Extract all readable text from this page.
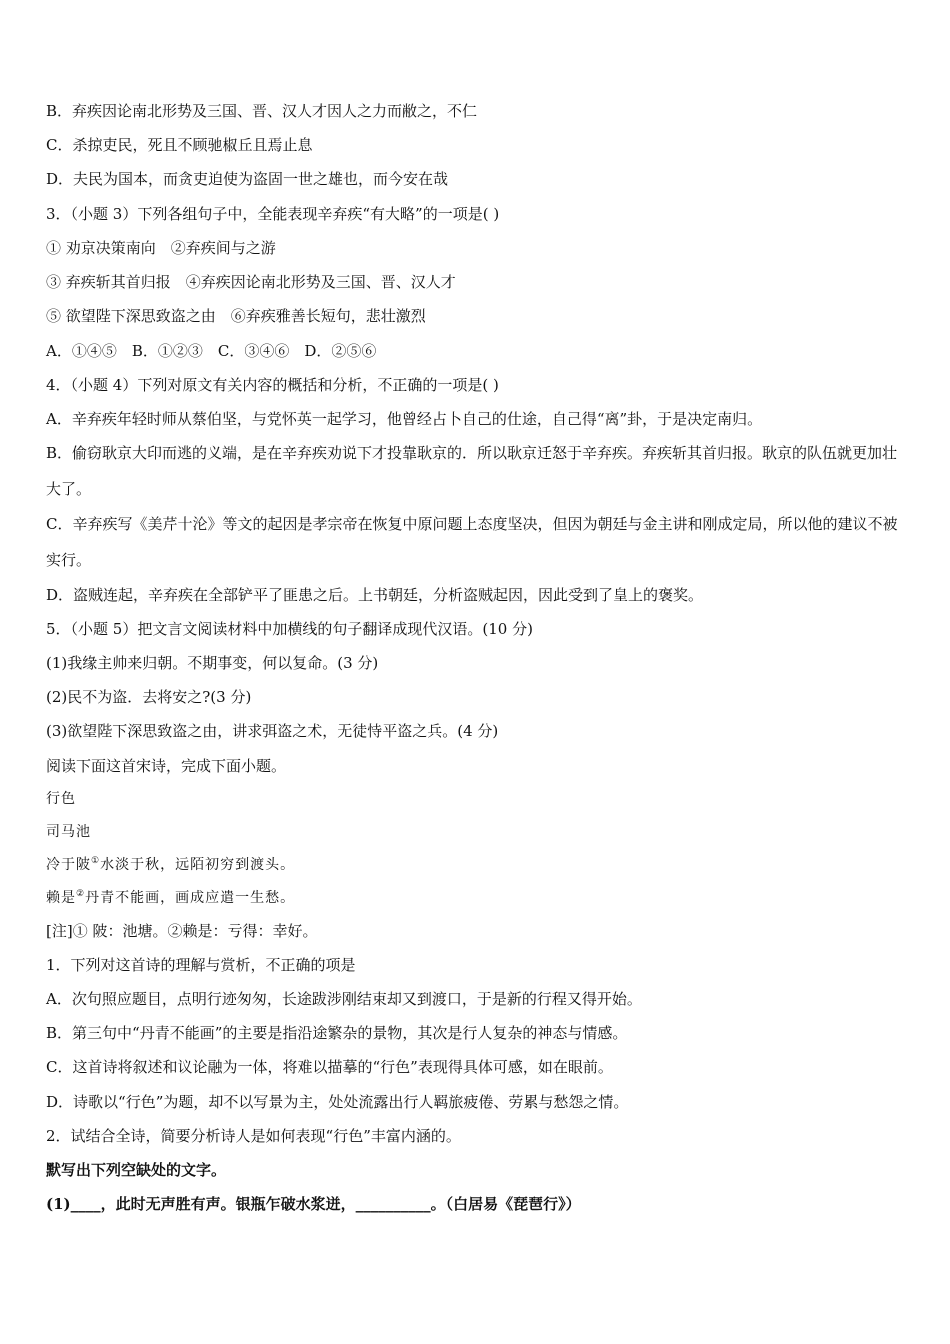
B．弃疾因论南北形势及三国、晋、汉人才因人之力而敝之，不仁
C．杀掠吏民，死且不顾驰椒丘且焉止息
D．夫民为国本，而贪吏迫使为盗固一世之雄也，而今安在哉
3．（小题 3）下列各组句子中，全能表现辛弃疾“有大略”的一项是( )
① 劝京决策南向　②弃疾间与之游
③ 弃疾斩其首归报　④弃疾因论南北形势及三国、晋、汉人才
⑤ 欲望陛下深思致盗之由　⑥弃疾雅善长短句，悲壮激烈
A．①④⑤　B．①②③　C．③④⑥　D．②⑤⑥
4．（小题 4）下列对原文有关内容的概括和分析，不正确的一项是( )
A．辛弃疾年轻时师从蔡伯坚，与党怀英一起学习，他曾经占卜自己的仕途，自己得“离”卦，于是决定南归。
B．偷窃耿京大印而逃的义端，是在辛弃疾劝说下才投靠耿京的．所以耿京迁怒于辛弃疾。弃疾斩其首归报。耿京的队伍就更加壮大了。
C．辛弃疾写《美芹十沦》等文的起因是孝宗帝在恢复中原问题上态度坚决，但因为朝廷与金主讲和刚成定局，所以他的建议不被实行。
D．盗贼连起，辛弃疾在全部铲平了匪患之后。上书朝廷，分析盗贼起因，因此受到了皇上的褒奖。
5．（小题 5）把文言文阅读材料中加横线的句子翻译成现代汉语。(10 分)
(1)我缘主帅来归朝。不期事变，何以复命。(3 分)
(2)民不为盗．去将安之?(3 分)
(3)欲望陛下深思致盗之由，讲求弭盗之术，无徒恃平盗之兵。(4 分)
阅读下面这首宋诗，完成下面小题。
行色
司马池
冷于陂①水淡于秋，远陌初穷到渡头。
赖是②丹青不能画，画成应遣一生愁。
[注]① 陂：池塘。②赖是：亏得：幸好。
1．下列对这首诗的理解与赏析，不正确的项是
A．次句照应题目，点明行迹匆匆，长途跋涉刚结束却又到渡口，于是新的行程又得开始。
B．第三句中“丹青不能画”的主要是指沿途繁杂的景物，其次是行人复杂的神态与情感。
C．这首诗将叙述和议论融为一体，将难以描摹的“行色”表现得具体可感，如在眼前。
D．诗歌以“行色”为题，却不以写景为主，处处流露出行人羁旅疲倦、劳累与愁怨之情。
2．试结合全诗，简要分析诗人是如何表现“行色”丰富内涵的。
默写出下列空缺处的文字。
(1)____，此时无声胜有声。银瓶乍破水浆迸，__________。（白居易《琵琶行》）
